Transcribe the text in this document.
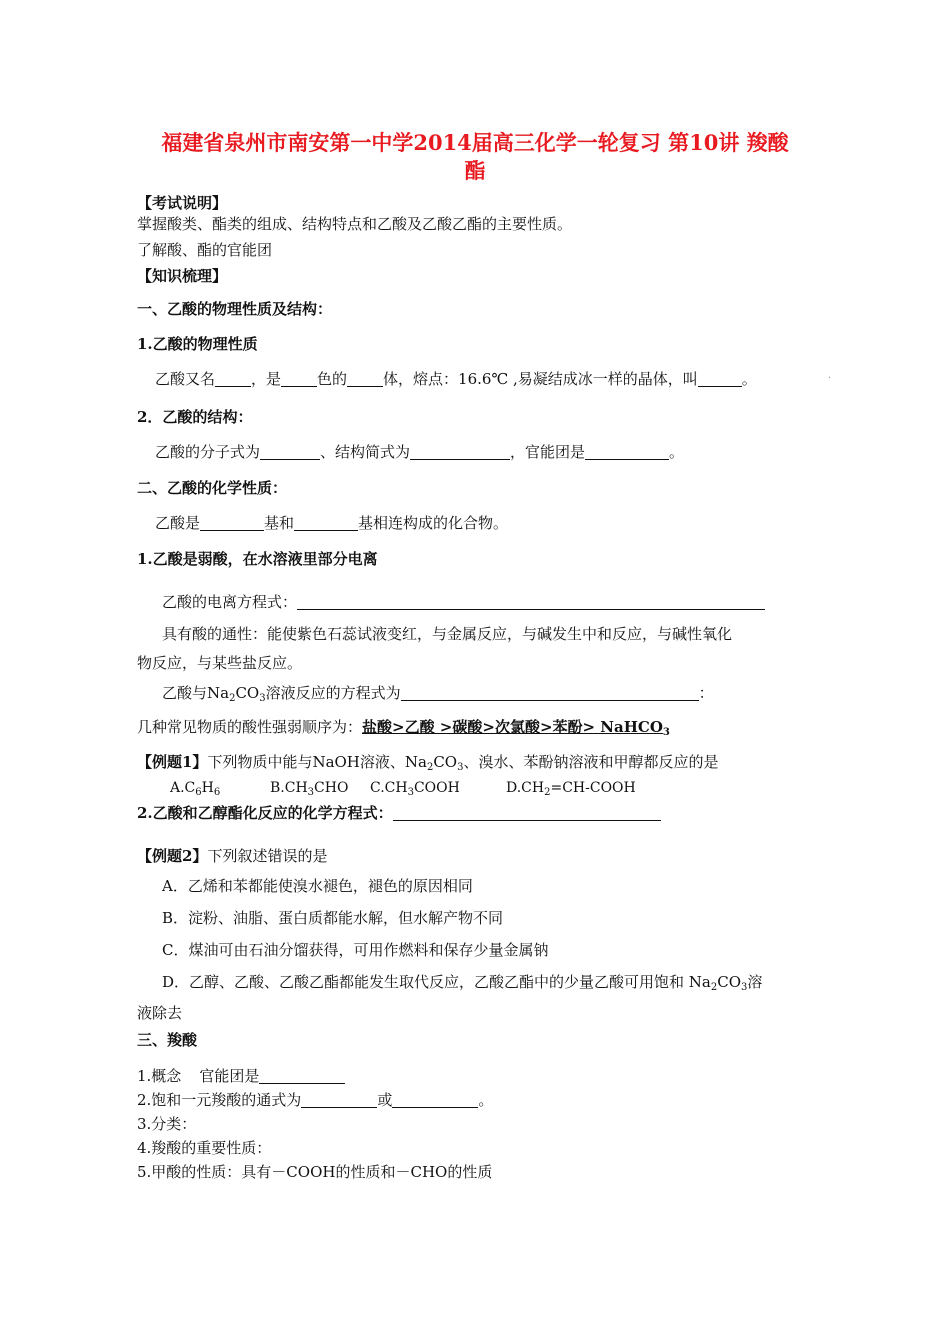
福建省泉州市南安第一中学2014届高三化学一轮复习 第10讲 羧酸
酯
【考试说明】
掌握酸类、酯类的组成、结构特点和乙酸及乙酸乙酯的主要性质。
了解酸、酯的官能团
【知识梳理】
一、乙酸的物理性质及结构：
1.乙酸的物理性质
乙酸又名 ，是 色的 体，熔点：16.6℃ ,易凝结成冰一样的晶体，叫	。	·
2．乙酸的结构：
乙酸的分子式为	、结构简式为	，官能团是	。
二、乙酸的化学性质：
乙酸是	基和	基相连构成的化合物。
1.乙酸是弱酸，在水溶液里部分电离
乙酸的电离方程式：
具有酸的通性：能使紫色石蕊试液变红，与金属反应，与碱发生中和反应，与碱性氧化
物反应，与某些盐反应。
乙酸与$Na_2CO_3$溶液反应的方程式为	：
几种常见物质的酸性强弱顺序为：盐酸>乙酸 >碳酸>次氯酸>苯酚> NaHCO$_3$
【例题1】下列物质中能与NaOH溶液、$Na_2CO_3$、溴水、苯酚钠溶液和甲醇都反应的是
$A.C_6H_6$	$B.CH_3CHO$ $C.CH_3COOH$	$D.CH_2=CH$-COOH
2.乙酸和乙醇酯化反应的化学方程式：
【例题2】下列叙述错误的是
A．乙烯和苯都能使溴水褪色，褪色的原因相同
B．淀粉、油脂、蛋白质都能水解，但水解产物不同
C．煤油可由石油分馏获得，可用作燃料和保存少量金属钠
D．乙醇、乙酸、乙酸乙酯都能发生取代反应，乙酸乙酯中的少量乙酸可用饱和 $Na_2CO_3$溶
液除去
三、羧酸
1.概念 官能团是
2.饱和一元羧酸的通式为	或	。
3.分类：
4.羧酸的重要性质：
5.甲酸的性质：具有－COOH的性质和－CHO的性质
